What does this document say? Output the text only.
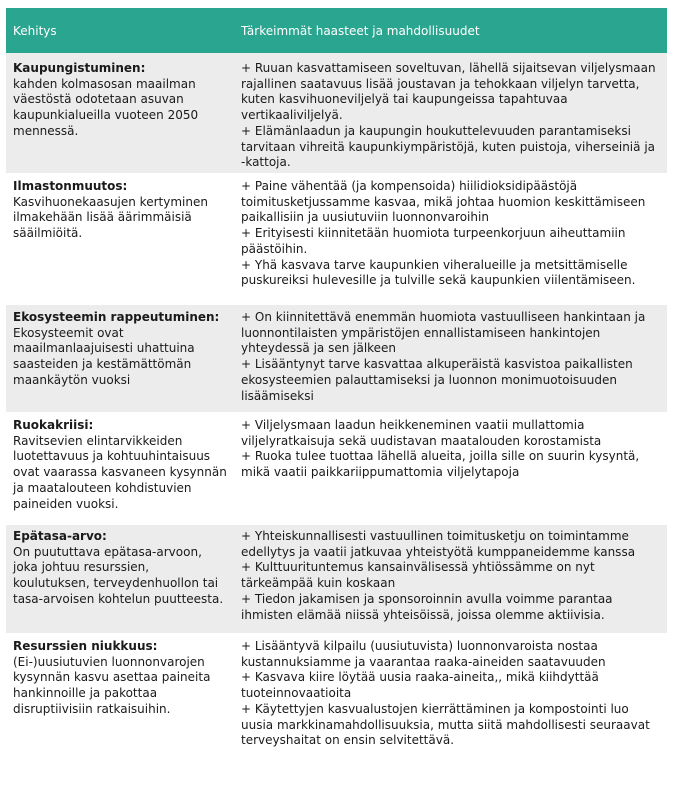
Kehitys	Tärkeimmät haasteet ja mahdollisuudet
Kaupungistuminen:
kahden kolmasosan maailman väestöstä odotetaan asuvan kaupunkialueilla vuoteen 2050 mennessä.
+ Ruuan kasvattamiseen soveltuvan, lähellä sijaitsevan viljelysmaan
rajallinen saatavuus lisää joustavan ja tehokkaan viljelyn tarvetta,
kuten kasvihuoneviljelyä tai kaupungeissa tapahtuvaa
vertikaaliviljelyä.
+ Elämänlaadun ja kaupungin houkuttelevuuden parantamiseksi
tarvitaan vihreitä kaupunkiympäristöjä, kuten puistoja, viherseiniä ja
-kattoja.
Ilmastonmuutos:
Kasvihuonekaasujen kertyminen ilmakehään lisää äärimmäisiä sääilmiöitä.
+ Paine vähentää (ja kompensoida) hiilidioksidipäästöjä
toimitusketjussamme kasvaa, mikä johtaa huomion keskittämiseen
paikallisiin ja uusiutuviin luonnonvaroihin
+ Erityisesti kiinnitetään huomiota turpeenkorjuun aiheuttamiin
päästöihin.
+ Yhä kasvava tarve kaupunkien viheralueille ja metsittämiselle
puskureiksi hulevesille ja tulville sekä kaupunkien viilentämiseen.
Ekosysteemin rappeutuminen:
Ekosysteemit ovat maailmanlaajuisesti uhattuina saasteiden ja kestämättömän maankäytön vuoksi
+ On kiinnitettävä enemmän huomiota vastuulliseen hankintaan ja
luonnontilaisten ympäristöjen ennallistamiseen hankintojen
yhteydessä ja sen jälkeen
+ Lisääntynyt tarve kasvattaa alkuperäistä kasvistoa paikallisten
ekosysteemien palauttamiseksi ja luonnon monimuotoisuuden
lisäämiseksi
Ruokakriisi:
Ravitsevien elintarvikkeiden luotettavuus ja kohtuuhintaisuus ovat vaarassa kasvaneen kysynnän ja maatalouteen kohdistuvien paineiden vuoksi.
+ Viljelysmaan laadun heikkeneminen vaatii mullattomia
viljelyratkaisuja sekä uudistavan maatalouden korostamista
+ Ruoka tulee tuottaa lähellä alueita, joilla sille on suurin kysyntä,
mikä vaatii paikkariippumattomia viljelytapoja
Epätasa-arvo:
On puututtava epätasa-arvoon, joka johtuu resurssien, koulutuksen, terveydenhuollon tai tasa-arvoisen kohtelun puutteesta.
+ Yhteiskunnallisesti vastuullinen toimitusketju on toimintamme
edellytys ja vaatii jatkuvaa yhteistyötä kumppaneidemme kanssa
+ Kulttuurituntemus kansainvälisessä yhtiössämme on nyt
tärkeämpää kuin koskaan
+ Tiedon jakamisen ja sponsoroinnin avulla voimme parantaa
ihmisten elämää niissä yhteisöissä, joissa olemme aktiivisia.
Resurssien niukkuus:
(Ei-)uusiutuvien luonnonvarojen kysynnän kasvu asettaa paineita hankinnoille ja pakottaa disruptiivisiin ratkaisuihin.
+ Lisääntyvä kilpailu (uusiutuvista) luonnonvaroista nostaa
kustannuksiamme ja vaarantaa raaka-aineiden saatavuuden
+ Kasvava kiire löytää uusia raaka-aineita,, mikä kiihdyttää
tuoteinnovaatioita
+ Käytettyjen kasvualustojen kierrättäminen ja kompostointi luo
uusia markkinamahdollisuuksia, mutta siitä mahdollisesti seuraavat
terveyshaitat on ensin selvitettävä.
